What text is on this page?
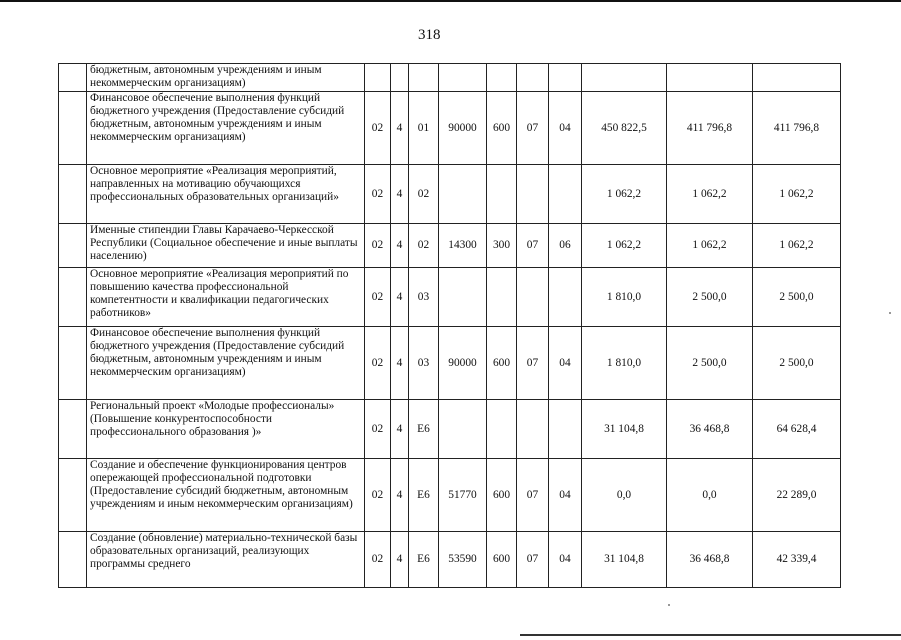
318
	бюджетным, автономным учреждениям и иным некоммерческим организациям)										
	Финансовое обеспечение выполнения функций бюджетного учреждения (Предоставление субсидий бюджетным, автономным учреждениям и иным некоммерческим организациям)	02	4	01	90000	600	07	04	450 822,5	411 796,8	411 796,8
	Основное мероприятие «Реализация мероприятий, направленных на мотивацию обучающихся профессиональных образовательных организаций»	02	4	02					1 062,2	1 062,2	1 062,2
	Именные стипендии Главы Карачаево-Черкесской Республики (Социальное обеспечение и иные выплаты населению)	02	4	02	14300	300	07	06	1 062,2	1 062,2	1 062,2
	Основное мероприятие «Реализация мероприятий по повышению качества профессиональной компетентности и квалификации педагогических работников»	02	4	03					1 810,0	2 500,0	2 500,0
	Финансовое обеспечение выполнения функций бюджетного учреждения (Предоставление субсидий бюджетным, автономным учреждениям и иным некоммерческим организациям)	02	4	03	90000	600	07	04	1 810,0	2 500,0	2 500,0
	Региональный проект «Молодые профессионалы» (Повышение конкурентоспособности профессионального образования )»	02	4	E6					31 104,8	36 468,8	64 628,4
	Создание и обеспечение функционирования центров опережающей профессиональной подготовки (Предоставление субсидий бюджетным, автономным учреждениям и иным некоммерческим организациям)	02	4	E6	51770	600	07	04	0,0	0,0	22 289,0
	Создание (обновление) материально-технической базы образовательных организаций, реализующих программы среднего	02	4	E6	53590	600	07	04	31 104,8	36 468,8	42 339,4
